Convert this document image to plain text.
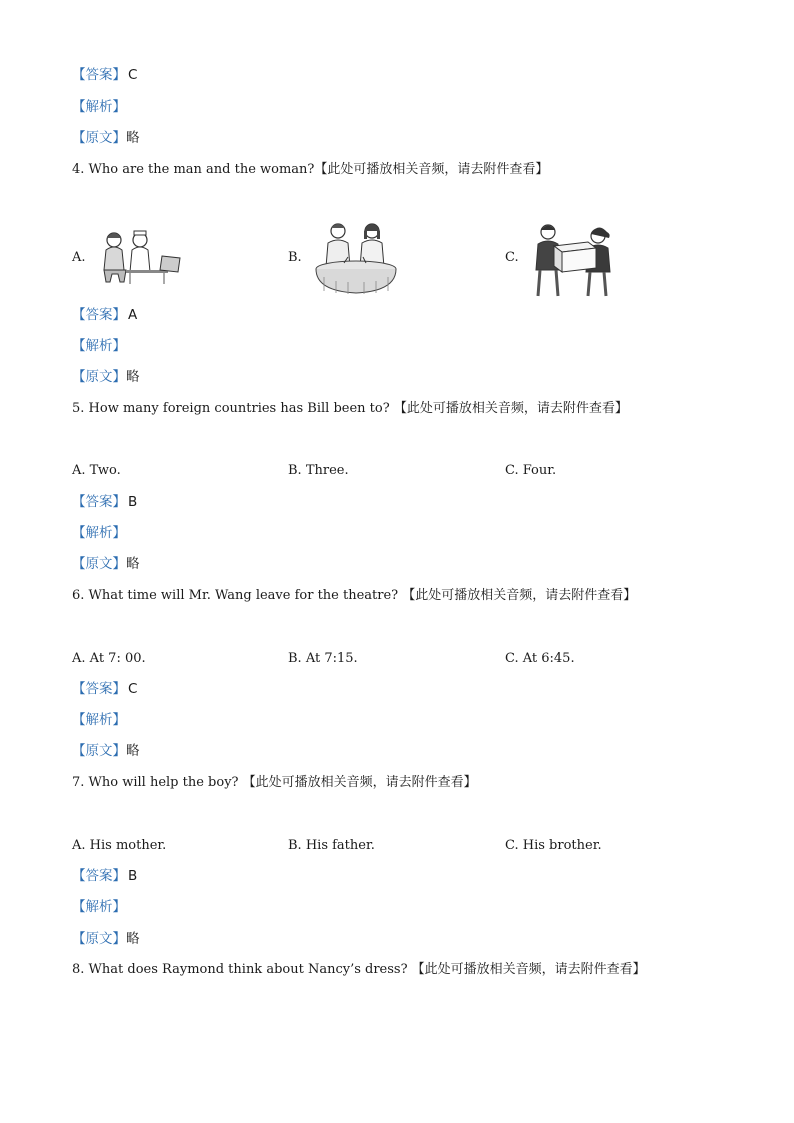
【答案】 C
【解析】
【原文】略
4. Who are the man and the woman?【此处可播放相关音频，请去附件查看】
A.	B.	C.
【答案】 A
【解析】
【原文】略
5. How many foreign countries has Bill been to? 【此处可播放相关音频，请去附件查看】
A. Two.	B. Three.	C. Four.
【答案】 B
【解析】
【原文】略
6. What time will Mr. Wang leave for the theatre? 【此处可播放相关音频，请去附件查看】
A. At 7: 00.	B. At 7:15.	C. At 6:45.
【答案】 C
【解析】
【原文】略
7. Who will help the boy? 【此处可播放相关音频，请去附件查看】
A. His mother.	B. His father.	C. His brother.
【答案】 B
【解析】
【原文】略
8. What does Raymond think about Nancy’s dress? 【此处可播放相关音频，请去附件查看】
